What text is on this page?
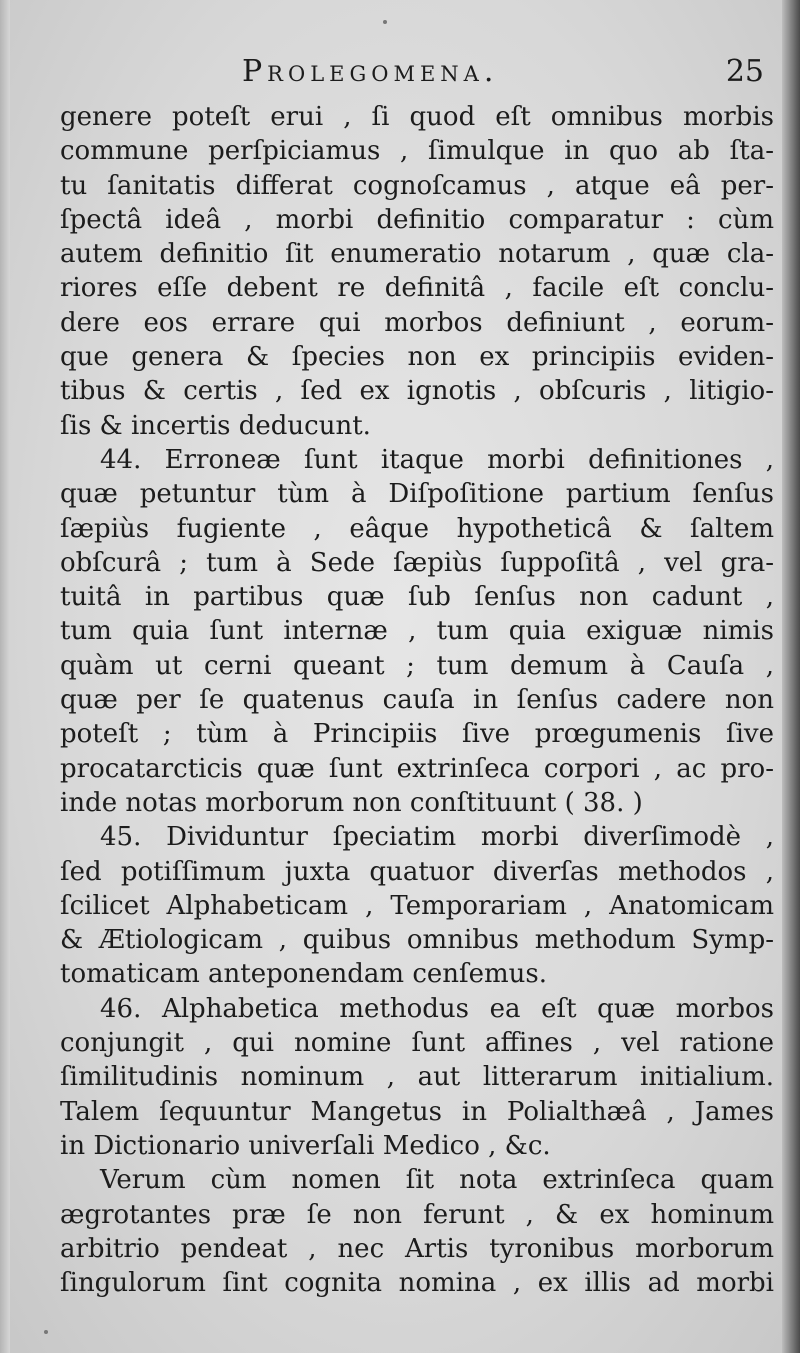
Prolegomena.	25
genere poteſt erui , ſi quod eſt omnibus morbis
commune perſpiciamus , ſimulque in quo ab ſta-
tu ſanitatis differat cognoſcamus , atque eâ per-
ſpectâ ideâ , morbi definitio comparatur : cùm
autem definitio ſit enumeratio notarum , quæ cla-
riores eſſe debent re definitâ , facile eſt conclu-
dere eos errare qui morbos definiunt , eorum-
que genera & ſpecies non ex principiis eviden-
tibus & certis , ſed ex ignotis , obſcuris , litigio-
ſis & incertis deducunt.
44. Erroneæ ſunt itaque morbi definitiones ,
quæ petuntur tùm à Diſpoſitione partium ſenſus
ſæpiùs fugiente , eâque hypotheticâ & ſaltem
obſcurâ ; tum à Sede ſæpiùs ſuppoſitâ , vel gra-
tuitâ in partibus quæ ſub ſenſus non cadunt ,
tum quia ſunt internæ , tum quia exiguæ nimis
quàm ut cerni queant ; tum demum à Cauſa ,
quæ per ſe quatenus cauſa in ſenſus cadere non
poteſt ; tùm à Principiis ſive prœgumenis ſive
procatarcticis quæ ſunt extrinſeca corpori , ac pro-
inde notas morborum non conſtituunt ( 38. )
45. Dividuntur ſpeciatim morbi diverſimodè ,
ſed potiſſimum juxta quatuor diverſas methodos ,
ſcilicet Alphabeticam , Temporariam , Anatomicam
& Ætiologicam , quibus omnibus methodum Symp-
tomaticam anteponendam cenſemus.
46. Alphabetica methodus ea eſt quæ morbos
conjungit , qui nomine ſunt affines , vel ratione
ſimilitudinis nominum , aut litterarum initialium.
Talem ſequuntur Mangetus in Polialthæâ , James
in Dictionario univerſali Medico , &c.
Verum cùm nomen ſit nota extrinſeca quam
ægrotantes præ ſe non ferunt , & ex hominum
arbitrio pendeat , nec Artis tyronibus morborum
ſingulorum ſint cognita nomina , ex illis ad morbi
